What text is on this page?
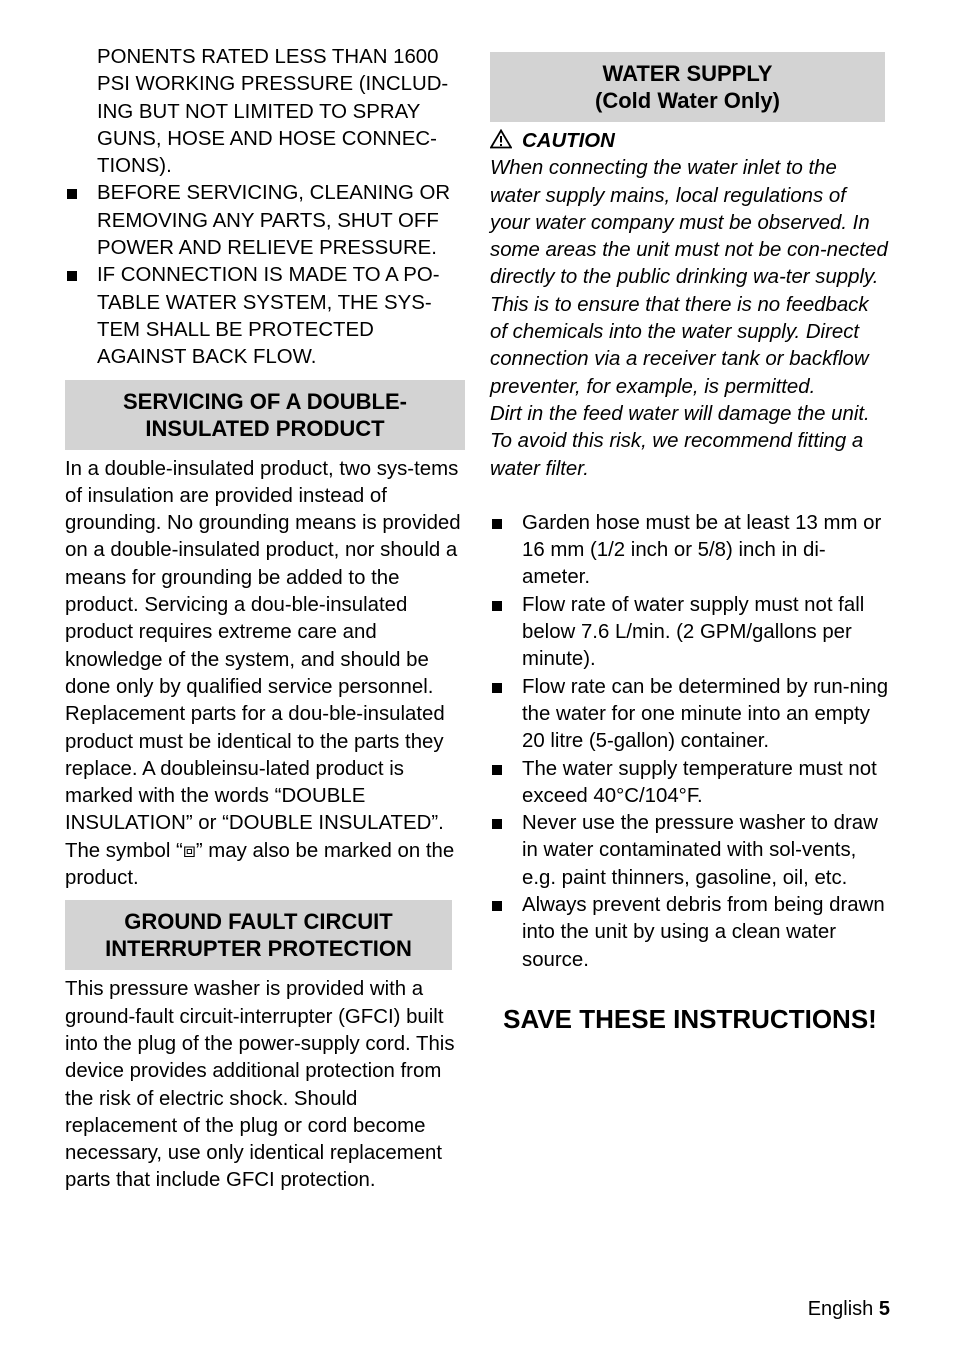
PONENTS RATED LESS THAN 1600 PSI WORKING PRESSURE (INCLUD-ING BUT NOT LIMITED TO SPRAY GUNS, HOSE AND HOSE CONNEC-TIONS).

BEFORE SERVICING, CLEANING OR REMOVING ANY PARTS, SHUT OFF POWER AND RELIEVE PRESSURE.
IF CONNECTION IS MADE TO A PO-TABLE WATER SYSTEM, THE SYS-TEM SHALL BE PROTECTED AGAINST BACK FLOW.
SERVICING OF A DOUBLE-
INSULATED PRODUCT

In a double-insulated product, two sys-tems of insulation are provided instead of grounding. No grounding means is provided on a double-insulated product, nor should a means for grounding be added to the product. Servicing a dou-ble-insulated product requires extreme care and knowledge of the system, and should be done only by qualified service personnel. Replacement parts for a dou-ble-insulated product must be identical to the parts they replace. A doubleinsu-lated product is marked with the words “DOUBLE INSULATION” or “DOUBLE INSULATED”. The symbol “⧈” may also be marked on the product.

GROUND FAULT CIRCUIT
INTERRUPTER PROTECTION

This pressure washer is provided with a ground-fault circuit-interrupter (GFCI) built into the plug of the power-supply cord. This device provides additional protection from the risk of electric shock. Should replacement of the plug or cord become necessary, use only identical replacement parts that include GFCI protection.

WATER SUPPLY
(Cold Water Only)
CAUTION

When connecting the water inlet to the water supply mains, local regulations of your water company must be observed. In some areas the unit must not be con-nected directly to the public drinking wa-ter supply. This is to ensure that there is no feedback of chemicals into the water supply. Direct connection via a receiver tank or backflow preventer, for example, is permitted.

Dirt in the feed water will damage the unit. To avoid this risk, we recommend fitting a water filter.

Garden hose must be at least 13 mm or 16 mm (1/2 inch or 5/8) inch in di-ameter.
Flow rate of water supply must not fall below 7.6 L/min. (2 GPM/gallons per minute).
Flow rate can be determined by run-ning the water for one minute into an empty 20 litre (5-gallon) container.
The water supply temperature must not exceed 40°C/104°F.
Never use the pressure washer to draw in water contaminated with sol-vents, e.g. paint thinners, gasoline, oil, etc.
Always prevent debris from being drawn into the unit by using a clean water source.
SAVE THESE INSTRUCTIONS!
English 5
